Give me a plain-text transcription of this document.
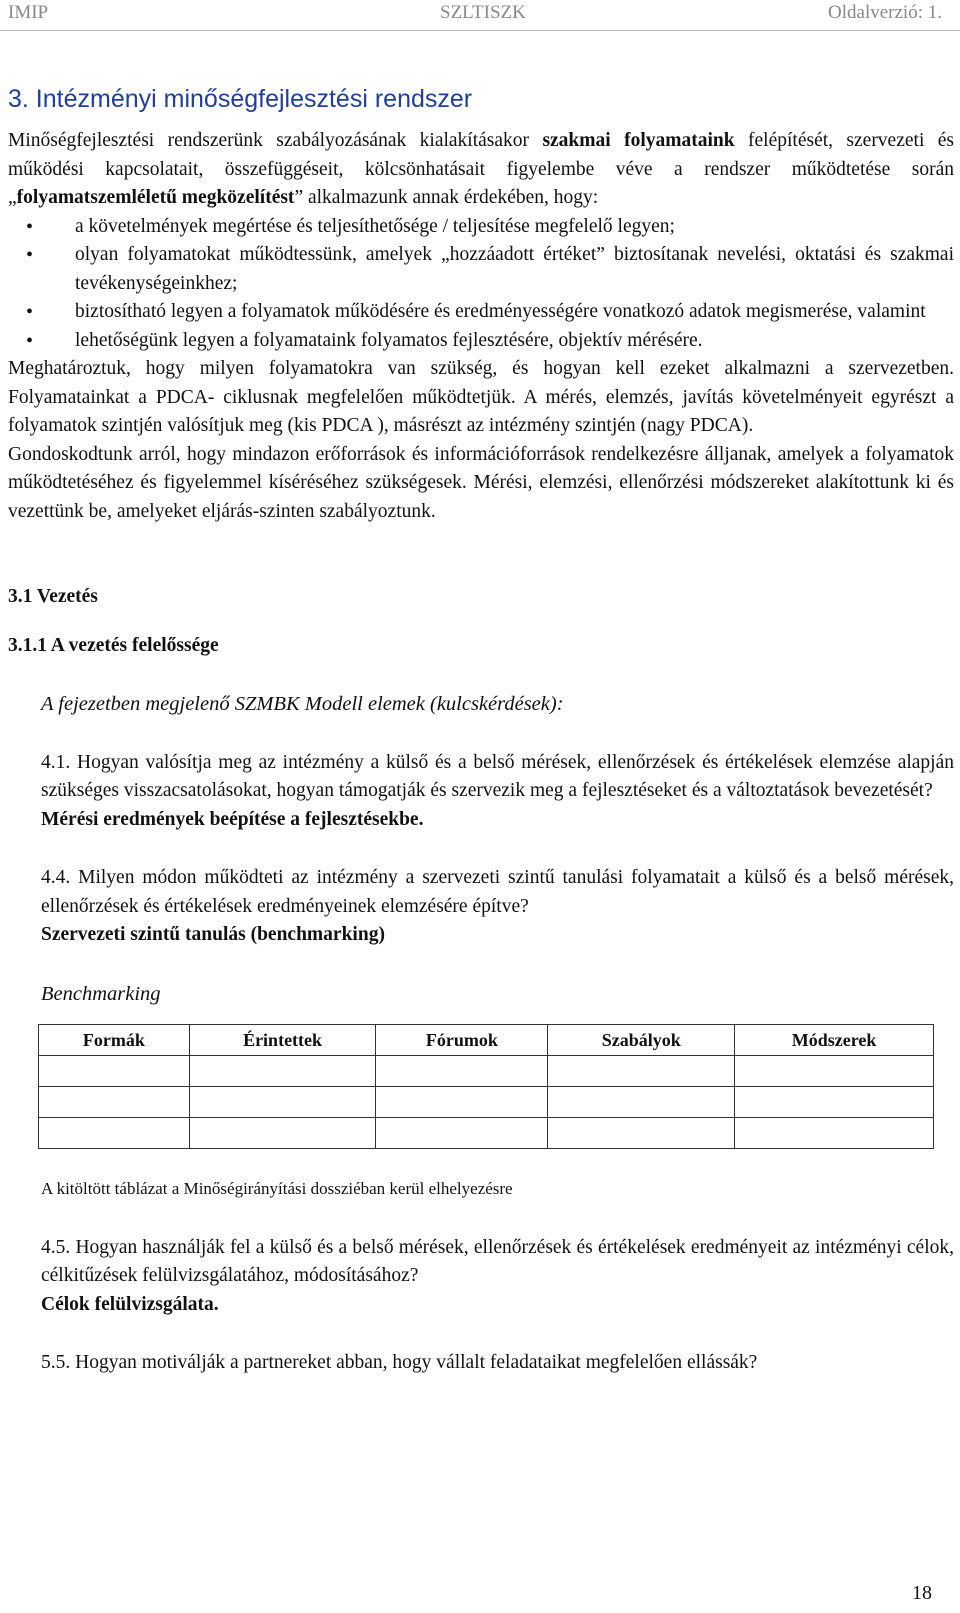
IMIP	SZLTISZK	Oldalverzió: 1.
3. Intézményi minőségfejlesztési rendszer

Minőségfejlesztési rendszerünk szabályozásának kialakításakor szakmai folyamataink felépítését, szervezeti és működési kapcsolatait, összefüggéseit, kölcsönhatásait figyelembe véve a rendszer működtetése során „folyamatszemléletű megközelítést” alkalmazunk annak érdekében, hogy:

• a követelmények megértése és teljesíthetősége / teljesítése megfelelő legyen;
• olyan folyamatokat működtessünk, amelyek „hozzáadott értéket” biztosítanak nevelési, oktatási és szakmai tevékenységeinkhez;
• biztosítható legyen a folyamatok működésére és eredményességére vonatkozó adatok megismerése, valamint
• lehetőségünk legyen a folyamataink folyamatos fejlesztésére, objektív mérésére.

Meghatároztuk, hogy milyen folyamatokra van szükség, és hogyan kell ezeket alkalmazni a szervezetben. Folyamatainkat a PDCA- ciklusnak megfelelően működtetjük. A mérés, elemzés, javítás követelményeit egyrészt a folyamatok szintjén valósítjuk meg (kis PDCA ), másrészt az intézmény szintjén (nagy PDCA).

Gondoskodtunk arról, hogy mindazon erőforrások és információforrások rendelkezésre álljanak, amelyek a folyamatok működtetéséhez és figyelemmel kíséréséhez szükségesek. Mérési, elemzési, ellenőrzési módszereket alakítottunk ki és vezettünk be, amelyeket eljárás-szinten szabályoztunk.

3.1 Vezetés
3.1.1 A vezetés felelőssége
A fejezetben megjelenő SZMBK Modell elemek (kulcskérdések):

4.1. Hogyan valósítja meg az intézmény a külső és a belső mérések, ellenőrzések és értékelések elemzése alapján szükséges visszacsatolásokat, hogyan támogatják és szervezik meg a fejlesztéseket és a változtatások bevezetését?

Mérési eredmények beépítése a fejlesztésekbe.

4.4. Milyen módon működteti az intézmény a szervezeti szintű tanulási folyamatait a külső és a belső mérések, ellenőrzések és értékelések eredményeinek elemzésére építve?

Szervezeti szintű tanulás (benchmarking)
Benchmarking
Formák	Érintettek	Fórumok	Szabályok	Módszerek

A kitöltött táblázat a Minőségirányítási dossziéban kerül elhelyezésre

4.5. Hogyan használják fel a külső és a belső mérések, ellenőrzések és értékelések eredményeit az intézményi célok, célkitűzések felülvizsgálatához, módosításához?

Célok felülvizsgálata.

5.5. Hogyan motiválják a partnereket abban, hogy vállalt feladataikat megfelelően ellássák?

18
